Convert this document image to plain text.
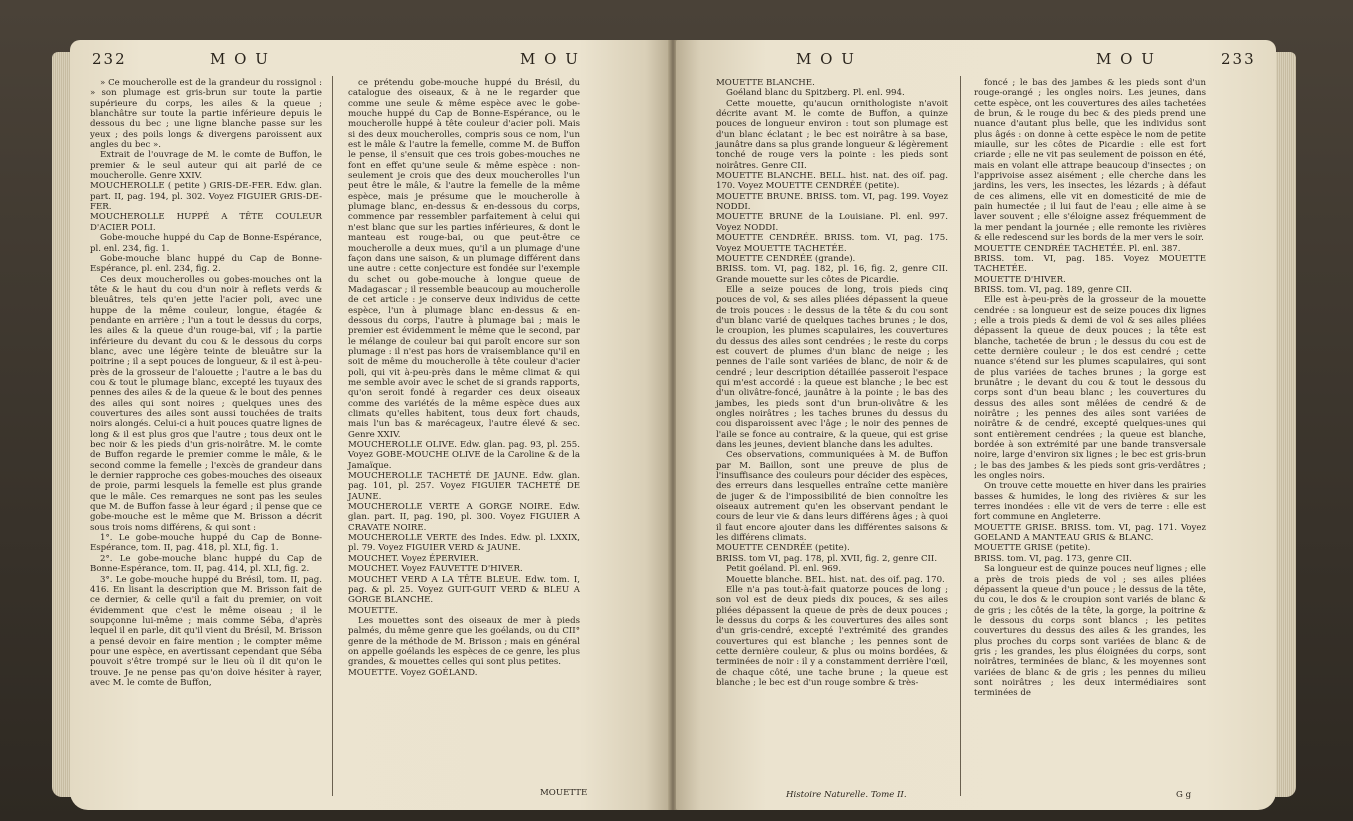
232	M O U	M O U

» Ce moucherolle est de la grandeur du rossignol : » son plumage est gris-brun sur toute la partie supérieure du corps, les ailes & la queue ; blanchâtre sur toute la partie inférieure depuis le dessous du bec ; une ligne blanche passe sur les yeux ; des poils longs & divergens paroissent aux angles du bec ».

Extrait de l'ouvrage de M. le comte de Buffon, le premier & le seul auteur qui ait parlé de ce moucherolle. Genre XXIV.

MOUCHEROLLE ( petite ) GRIS-DE-FER. Edw. glan. part. II, pag. 194, pl. 302. Voyez FIGUIER GRIS-DE-FER.

MOUCHEROLLE HUPPÉ A TÊTE COULEUR D'ACIER POLI.

Gobe-mouche huppé du Cap de Bonne-Espérance, pl. enl. 234, fig. 1.

Gobe-mouche blanc huppé du Cap de Bonne-Espérance, pl. enl. 234, fig. 2.

Ces deux moucherolles ou gobes-mouches ont la tête & le haut du cou d'un noir à reflets verds & bleuâtres, tels qu'en jette l'acier poli, avec une huppe de la même couleur, longue, étagée & pendante en arrière ; l'un a tout le dessus du corps, les ailes & la queue d'un rouge-bai, vif ; la partie inférieure du devant du cou & le dessous du corps blanc, avec une légère teinte de bleuâtre sur la poitrine ; il a sept pouces de longueur, & il est à-peu-près de la grosseur de l'alouette ; l'autre a le bas du cou & tout le plumage blanc, excepté les tuyaux des pennes des ailes & de la queue & le bout des pennes des ailes qui sont noires ; quelques unes des couvertures des ailes sont aussi touchées de traits noirs alongés. Celui-ci a huit pouces quatre lignes de long & il est plus gros que l'autre ; tous deux ont le bec noir & les pieds d'un gris-noirâtre. M. le comte de Buffon regarde le premier comme le mâle, & le second comme la femelle ; l'excès de grandeur dans le dernier rapproche ces gobes-mouches des oiseaux de proie, parmi lesquels la femelle est plus grande que le mâle. Ces remarques ne sont pas les seules que M. de Buffon fasse à leur égard ; il pense que ce gobe-mouche est le même que M. Brisson a décrit sous trois noms différens, & qui sont :

1°. Le gobe-mouche huppé du Cap de Bonne-Espérance, tom. II, pag. 418, pl. XLI, fig. 1.

2°. Le gobe-mouche blanc huppé du Cap de Bonne-Espérance, tom. II, pag. 414, pl. XLI, fig. 2.

3°. Le gobe-mouche huppé du Brésil, tom. II, pag. 416. En lisant la description que M. Brisson fait de ce dernier, & celle qu'il a fait du premier, on voit évidemment que c'est le même oiseau ; il le soupçonne lui-même ; mais comme Séba, d'après lequel il en parle, dit qu'il vient du Brésil, M. Brisson a pensé devoir en faire mention ; le compter même pour une espèce, en avertissant cependant que Séba pouvoit s'être trompé sur le lieu où il dit qu'on le trouve. Je ne pense pas qu'on doive hésiter à rayer, avec M. le comte de Buffon,

ce prétendu gobe-mouche huppé du Brésil, du catalogue des oiseaux, & à ne le regarder que comme une seule & même espèce avec le gobe-mouche huppé du Cap de Bonne-Espérance, ou le moucherolle huppé à tête couleur d'acier poli. Mais si des deux moucherolles, compris sous ce nom, l'un est le mâle & l'autre la femelle, comme M. de Buffon le pense, il s'ensuit que ces trois gobes-mouches ne font en effet qu'une seule & même espèce : non-seulement je crois que des deux moucherolles l'un peut être le mâle, & l'autre la femelle de la même espèce, mais je présume que le moucherolle à plumage blanc, en-dessus & en-dessous du corps, commence par ressembler parfaitement à celui qui n'est blanc que sur les parties inférieures, & dont le manteau est rouge-bai, ou que peut-être ce moucherolle a deux mues, qu'il a un plumage d'une façon dans une saison, & un plumage différent dans une autre : cette conjecture est fondée sur l'exemple du schet ou gobe-mouche à longue queue de Madagascar ; il ressemble beaucoup au moucherolle de cet article : je conserve deux individus de cette espèce, l'un à plumage blanc en-dessus & en-dessous du corps, l'autre à plumage bai ; mais le premier est évidemment le même que le second, par le mélange de couleur bai qui paroît encore sur son plumage : il n'est pas hors de vraisemblance qu'il en soit de même du moucherolle à tête couleur d'acier poli, qui vit à-peu-près dans le même climat & qui me semble avoir avec le schet de si grands rapports, qu'on seroit fondé à regarder ces deux oiseaux comme des variétés de la même espèce dues aux climats qu'elles habitent, tous deux fort chauds, mais l'un bas & marécageux, l'autre élevé & sec. Genre XXIV.

MOUCHEROLLE OLIVE. Edw. glan. pag. 93, pl. 255. Voyez GOBE-MOUCHE OLIVE de la Caroline & de la Jamaïque.

MOUCHEROLLE TACHETÉ DE JAUNE. Edw. glan. pag. 101, pl. 257. Voyez FIGUIER TACHETÉ DE JAUNE.

MOUCHEROLLE VERTE A GORGE NOIRE. Edw. glan. part. II, pag. 190, pl. 300. Voyez FIGUIER A CRAVATE NOIRE.

MOUCHEROLLE VERTE des Indes. Edw. pl. LXXIX, pl. 79. Voyez FIGUIER VERD & JAUNE.

MOUCHET. Voyez ÉPERVIER.

MOUCHET. Voyez FAUVETTE D'HIVER.

MOUCHET VERD A LA TÊTE BLEUE. Edw. tom. I, pag. & pl. 25. Voyez GUIT-GUIT VERD & BLEU A GORGE BLANCHE.

MOUETTE.

Les mouettes sont des oiseaux de mer à pieds palmés, du même genre que les goélands, ou du CII° genre de la méthode de M. Brisson ; mais en général on appelle goélands les espèces de ce genre, les plus grandes, & mouettes celles qui sont plus petites.

MOUETTE. Voyez GOÉLAND.

MOUETTE
M O U	M O U	233

MOUETTE BLANCHE.

Goéland blanc du Spitzberg. Pl. enl. 994.

Cette mouette, qu'aucun ornithologiste n'avoit décrite avant M. le comte de Buffon, a quinze pouces de longueur environ : tout son plumage est d'un blanc éclatant ; le bec est noirâtre à sa base, jaunâtre dans sa plus grande longueur & légèrement tonché de rouge vers la pointe : les pieds sont noirâtres. Genre CII.

MOUETTE BLANCHE. BELL. hist. nat. des oif. pag. 170. Voyez MOUETTE CENDRÉE (petite).

MOUETTE BRUNE. BRISS. tom. VI, pag. 199. Voyez NODDI.

MOUETTE BRUNE de la Louisiane. Pl. enl. 997. Voyez NODDI.

MOUETTE CENDRÉE. BRISS. tom. VI, pag. 175. Voyez MOUETTE TACHETÉE.

MOUETTE CENDRÉE (grande).

BRISS. tom. VI, pag. 182, pl. 16, fig. 2, genre CII. Grande mouette sur les côtes de Picardie.

Elle a seize pouces de long, trois pieds cinq pouces de vol, & ses ailes pliées dépassent la queue de trois pouces : le dessus de la tête & du cou sont d'un blanc varié de quelques taches brunes ; le dos, le croupion, les plumes scapulaires, les couvertures du dessus des ailes sont cendrées ; le reste du corps est couvert de plumes d'un blanc de neige ; les pennes de l'aile sont variées de blanc, de noir & de cendré ; leur description détaillée passeroit l'espace qui m'est accordé : la queue est blanche ; le bec est d'un olivâtre-foncé, jaunâtre à la pointe ; le bas des jambes, les pieds sont d'un brun-olivâtre & les ongles noirâtres ; les taches brunes du dessus du cou disparoissent avec l'âge ; le noir des pennes de l'aile se fonce au contraire, & la queue, qui est grise dans les jeunes, devient blanche dans les adultes.

Ces observations, communiquées à M. de Buffon par M. Baillon, sont une preuve de plus de l'insuffisance des couleurs pour décider des espèces, des erreurs dans lesquelles entraîne cette manière de juger & de l'impossibilité de bien connoître les oiseaux autrement qu'en les observant pendant le cours de leur vie & dans leurs différens âges ; à quoi il faut encore ajouter dans les différentes saisons & les différens climats.

MOUETTE CENDRÉE (petite).

BRISS. tom VI, pag. 178, pl. XVII, fig. 2, genre CII.

Petit goéland. Pl. enl. 969.

Mouette blanche. BEL. hist. nat. des oif. pag. 170.

Elle n'a pas tout-à-fait quatorze pouces de long ; son vol est de deux pieds dix pouces, & ses ailes pliées dépassent la queue de près de deux pouces ; le dessus du corps & les couvertures des ailes sont d'un gris-cendré, excepté l'extrémité des grandes couvertures qui est blanche ; les pennes sont de cette dernière couleur, & plus ou moins bordées, & terminées de noir : il y a constamment derrière l'œil, de chaque côté, une tache brune ; la queue est blanche ; le bec est d'un rouge sombre & très-

foncé ; le bas des jambes & les pieds sont d'un rouge-orangé ; les ongles noirs. Les jeunes, dans cette espèce, ont les couvertures des ailes tachetées de brun, & le rouge du bec & des pieds prend une nuance d'autant plus belle, que les individus sont plus âgés : on donne à cette espèce le nom de petite miaulle, sur les côtes de Picardie : elle est fort criarde ; elle ne vit pas seulement de poisson en été, mais en volant elle attrape beaucoup d'insectes ; on l'apprivoise assez aisément ; elle cherche dans les jardins, les vers, les insectes, les lézards ; à défaut de ces alimens, elle vit en domesticité de mie de pain humectée ; il lui faut de l'eau ; elle aime à se laver souvent ; elle s'éloigne assez fréquemment de la mer pendant la journée ; elle remonte les rivières & elle redescend sur les bords de la mer vers le soir.

MOUETTE CENDRÉE TACHETÉE. Pl. enl. 387.

BRISS. tom. VI, pag. 185. Voyez MOUETTE TACHETÉE.

MOUETTE D'HIVER.

BRISS. tom. VI, pag. 189, genre CII.

Elle est à-peu-près de la grosseur de la mouette cendrée : sa longueur est de seize pouces dix lignes ; elle a trois pieds & demi de vol & ses ailes pliées dépassent la queue de deux pouces ; la tête est blanche, tachetée de brun ; le dessus du cou est de cette dernière couleur ; le dos est cendré ; cette nuance s'étend sur les plumes scapulaires, qui sont de plus variées de taches brunes ; la gorge est brunâtre ; le devant du cou & tout le dessous du corps sont d'un beau blanc ; les couvertures du dessus des ailes sont mêlées de cendré & de noirâtre ; les pennes des ailes sont variées de noirâtre & de cendré, excepté quelques-unes qui sont entièrement cendrées ; la queue est blanche, bordée à son extrémité par une bande transversale noire, large d'environ six lignes ; le bec est gris-brun ; le bas des jambes & les pieds sont gris-verdâtres ; les ongles noirs.

On trouve cette mouette en hiver dans les prairies basses & humides, le long des rivières & sur les terres inondées : elle vit de vers de terre : elle est fort commune en Angleterre.

MOUETTE GRISE. BRISS. tom. VI, pag. 171. Voyez GOELAND A MANTEAU GRIS & BLANC.

MOUETTE GRISE (petite).

BRISS. tom. VI, pag. 173, genre CII.

Sa longueur est de quinze pouces neuf lignes ; elle a près de trois pieds de vol ; ses ailes pliées dépassent la queue d'un pouce ; le dessus de la tête, du cou, le dos & le croupion sont variés de blanc & de gris ; les côtés de la tête, la gorge, la poitrine & le dessous du corps sont blancs ; les petites couvertures du dessus des ailes & les grandes, les plus proches du corps sont variées de blanc & de gris ; les grandes, les plus éloignées du corps, sont noirâtres, terminées de blanc, & les moyennes sont variées de blanc & de gris ; les pennes du milieu sont noirâtres ; les deux intermédiaires sont terminées de

Histoire Naturelle. Tome II.	G g
